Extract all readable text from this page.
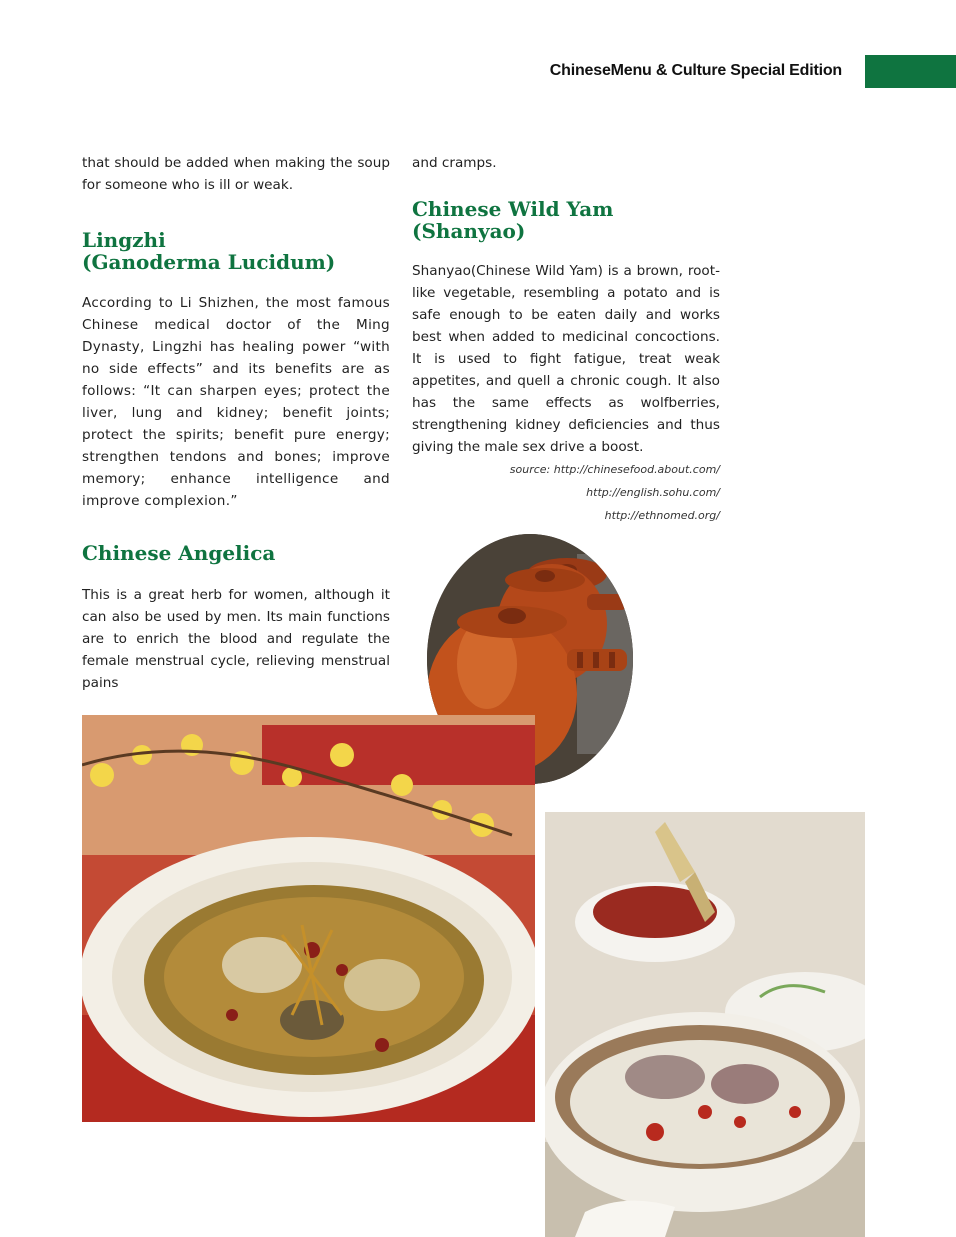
ChineseMenu & Culture Special Edition

that should be added when making the soup for someone who is ill or weak.

Lingzhi
(Ganoderma Lucidum)

According to Li Shizhen, the most famous Chinese medical doctor of the Ming Dynasty, Lingzhi has healing power “with no side effects” and its benefits are as follows: “It can sharpen eyes; protect the liver, lung and kidney; benefit joints; protect the spirits; benefit pure energy; strengthen tendons and bones; improve memory; enhance intelligence and improve complexion.”

Chinese Angelica

This is a great herb for women, although it can also be used by men. Its main functions are to enrich the blood and regulate the female menstrual cycle, relieving menstrual pains

and cramps.

Chinese Wild Yam (Shanyao)

Shanyao(Chinese Wild Yam) is a brown, root-like vegetable, resembling a potato and is safe enough to be eaten daily and works best when added to medicinal concoctions. It is used to fight fatigue, treat weak appetites, and quell a chronic cough. It also has the same effects as wolfberries, strengthening kidney deficiencies and thus giving the male sex drive a boost.

source: http://chinesefood.about.com/
http://english.sohu.com/
http://ethnomed.org/
